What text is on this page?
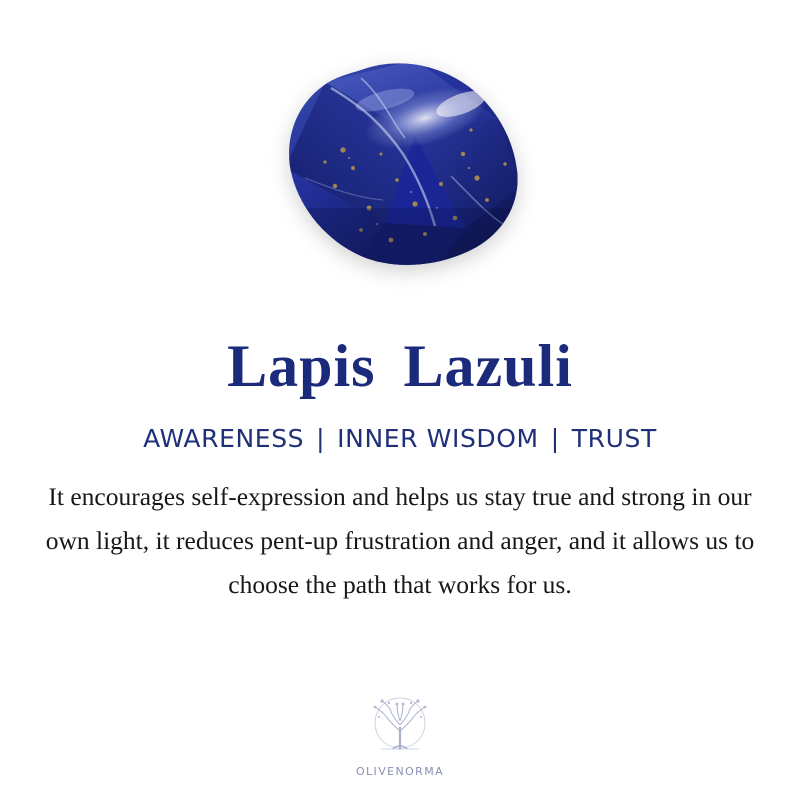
Lapis Lazuli
AWARENESS | INNER WISDOM | TRUST

It encourages self-expression and helps us stay true and strong in our own light, it reduces pent-up frustration and anger, and it allows us to choose the path that works for us.

OLIVENORMA
